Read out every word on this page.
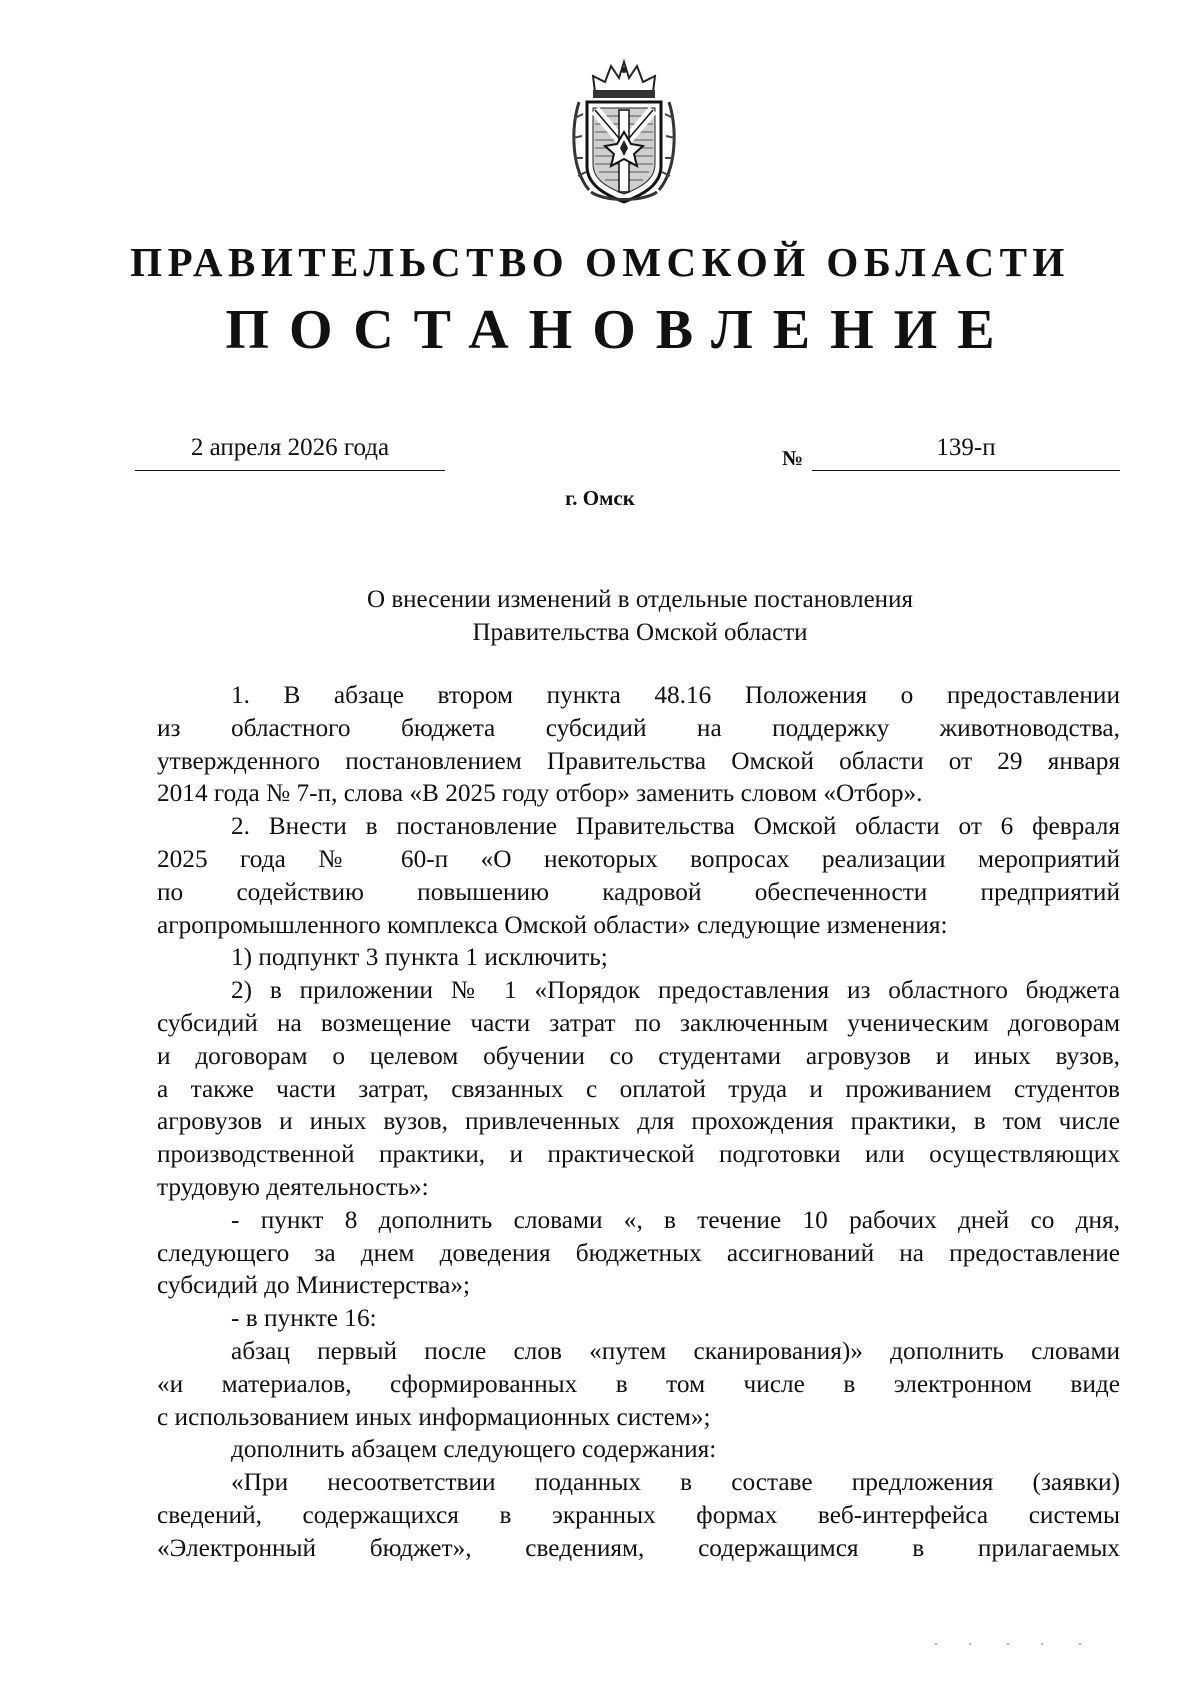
ПРАВИТЕЛЬСТВО ОМСКОЙ ОБЛАСТИ
ПОСТАНОВЛЕНИЕ
2 апреля 2026 года	№	139-п
г. Омск
О внесении изменений в отдельные постановления
Правительства Омской области
1. В абзаце втором пункта 48.16 Положения о предоставлении
из областного бюджета субсидий на поддержку животноводства,
утвержденного постановлением Правительства Омской области от 29 января
2014 года № 7-п, слова «В 2025 году отбор» заменить словом «Отбор».
2. Внести в постановление Правительства Омской области от 6 февраля
2025 года № 60-п «О некоторых вопросах реализации мероприятий
по содействию повышению кадровой обеспеченности предприятий
агропромышленного комплекса Омской области» следующие изменения:
1) подпункт 3 пункта 1 исключить;
2) в приложении № 1 «Порядок предоставления из областного бюджета
субсидий на возмещение части затрат по заключенным ученическим договорам
и договорам о целевом обучении со студентами агровузов и иных вузов,
а также части затрат, связанных с оплатой труда и проживанием студентов
агровузов и иных вузов, привлеченных для прохождения практики, в том числе
производственной практики, и практической подготовки или осуществляющих
трудовую деятельность»:
- пункт 8 дополнить словами «, в течение 10 рабочих дней со дня,
следующего за днем доведения бюджетных ассигнований на предоставление
субсидий до Министерства»;
- в пункте 16:
абзац первый после слов «путем сканирования)» дополнить словами
«и материалов, сформированных в том числе в электронном виде
с использованием иных информационных систем»;
дополнить абзацем следующего содержания:
«При несоответствии поданных в составе предложения (заявки)
сведений, содержащихся в экранных формах веб-интерфейса системы
«Электронный бюджет», сведениям, содержащимся в прилагаемых
